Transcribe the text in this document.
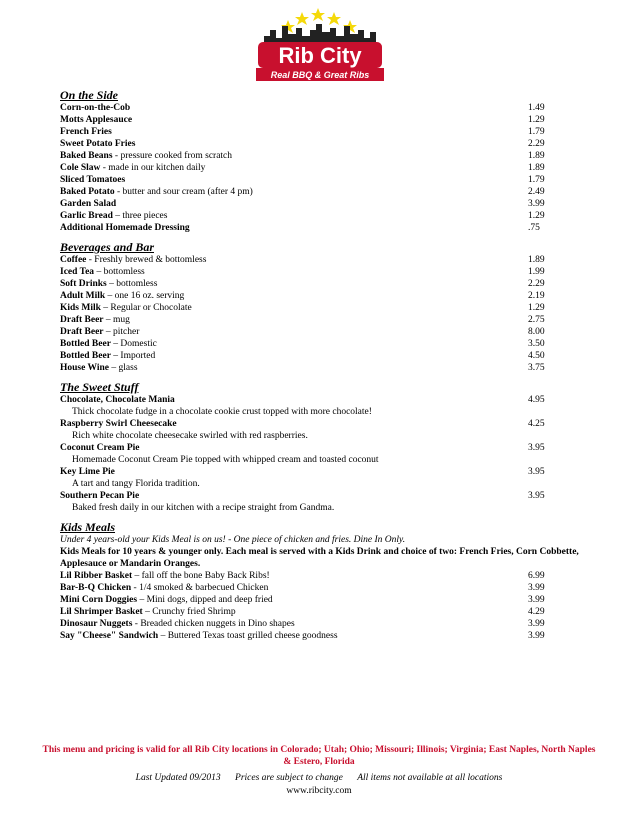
Rib City
Real BBQ & Great Ribs
On the Side
Corn-on-the-Cob	1.49
Motts Applesauce	1.29
French Fries	1.79
Sweet Potato Fries	2.29
Baked Beans - pressure cooked from scratch	1.89
Cole Slaw - made in our kitchen daily	1.89
Sliced Tomatoes	1.79
Baked Potato - butter and sour cream (after 4 pm)	2.49
Garden Salad	3.99
Garlic Bread – three pieces	1.29
Additional Homemade Dressing	.75
Beverages and Bar
Coffee - Freshly brewed & bottomless	1.89
Iced Tea – bottomless	1.99
Soft Drinks – bottomless	2.29
Adult Milk – one 16 oz. serving	2.19
Kids Milk – Regular or Chocolate	1.29
Draft Beer – mug	2.75
Draft Beer – pitcher	8.00
Bottled Beer – Domestic	3.50
Bottled Beer – Imported	4.50
House Wine – glass	3.75
The Sweet Stuff
Chocolate, Chocolate Mania	4.95
Thick chocolate fudge in a chocolate cookie crust topped with more chocolate!
Raspberry Swirl Cheesecake	4.25
Rich white chocolate cheesecake swirled with red raspberries.
Coconut Cream Pie	3.95
Homemade Coconut Cream Pie topped with whipped cream and toasted coconut
Key Lime Pie	3.95
A tart and tangy Florida tradition.
Southern Pecan Pie	3.95
Baked fresh daily in our kitchen with a recipe straight from Gandma.
Kids Meals
Under 4 years-old your Kids Meal is on us! - One piece of chicken and fries. Dine In Only.
Kids Meals for 10 years & younger only. Each meal is served with a Kids Drink and choice of two: French Fries, Corn Cobbette, Applesauce or Mandarin Oranges.
Lil Ribber Basket – fall off the bone Baby Back Ribs!	6.99
Bar-B-Q Chicken - 1/4 smoked & barbecued Chicken	3.99
Mini Corn Doggies – Mini dogs, dipped and deep fried	3.99
Lil Shrimper Basket – Crunchy fried Shrimp	4.29
Dinosaur Nuggets - Breaded chicken nuggets in Dino shapes	3.99
Say "Cheese" Sandwich – Buttered Texas toast grilled cheese goodness	3.99
This menu and pricing is valid for all Rib City locations in Colorado; Utah; Ohio; Missouri; Illinois; Virginia; East Naples, North Naples & Estero, Florida
Last Updated 09/2013 Prices are subject to change All items not available at all locations
www.ribcity.com
